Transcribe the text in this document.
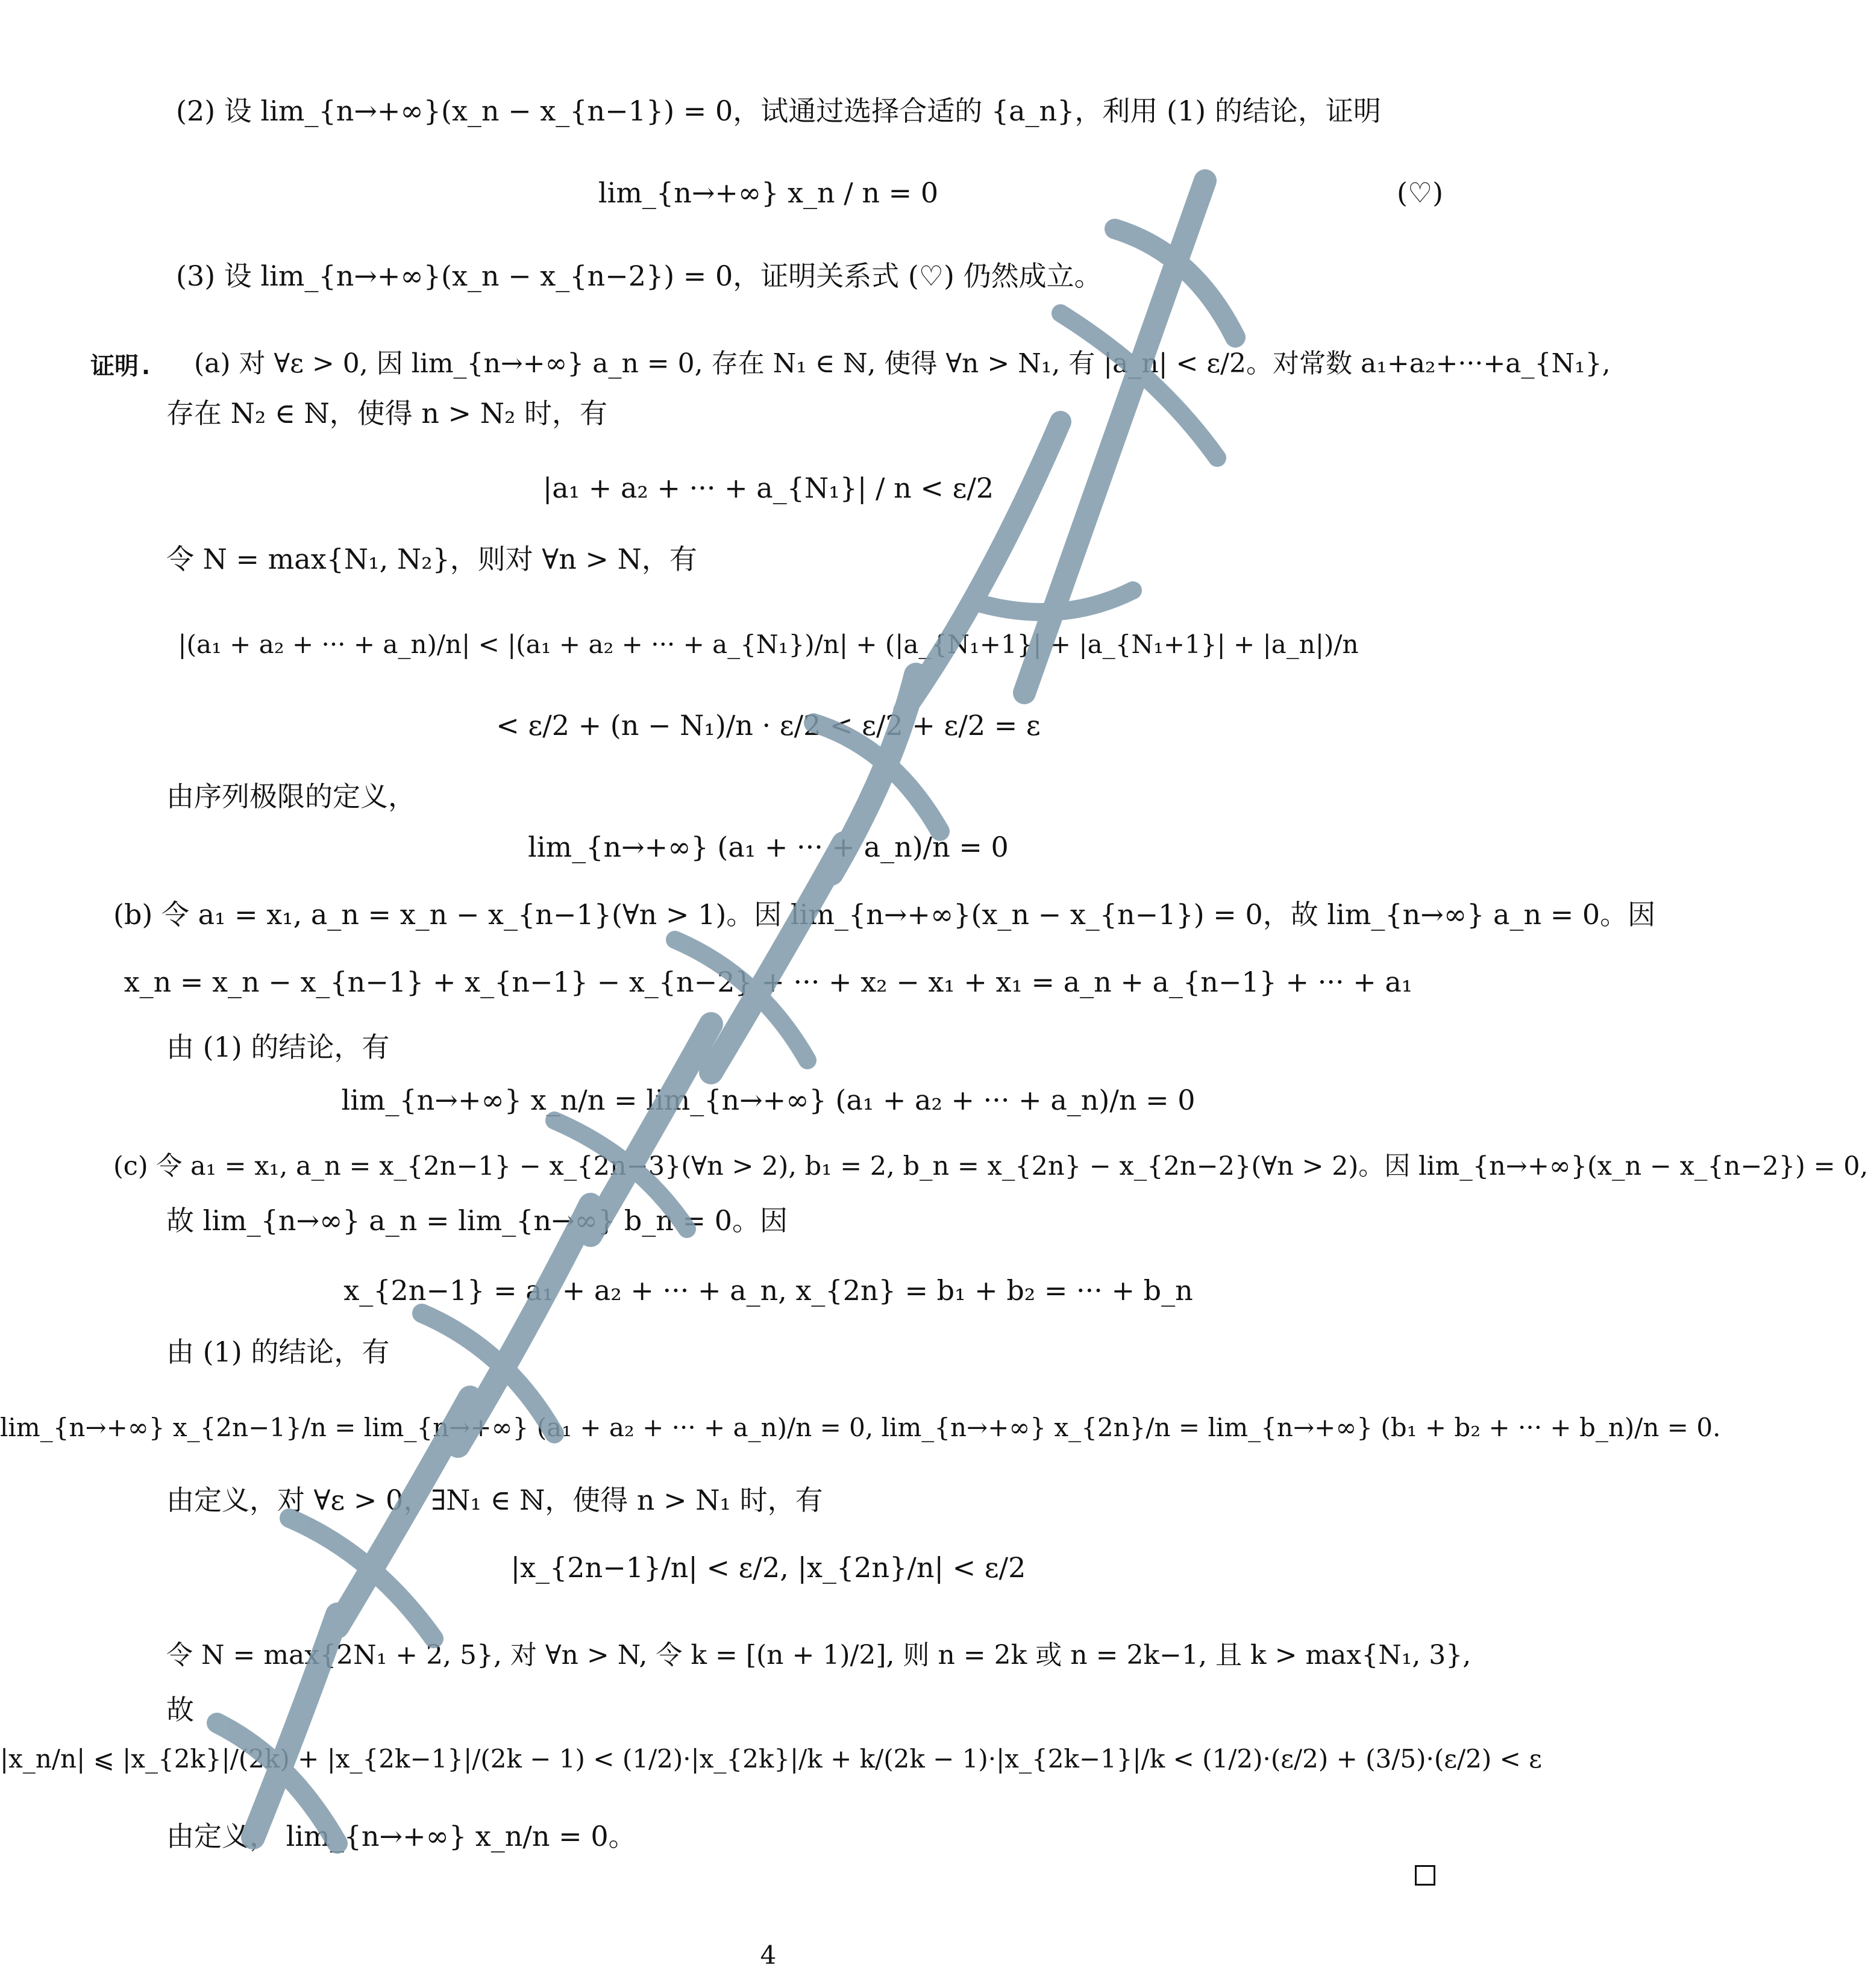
(2) 设 lim_{n→+∞}(x_n − x_{n−1}) = 0，试通过选择合适的 {a_n}，利用 (1) 的结论，证明
lim_{n→+∞} x_n / n = 0	(♡)
(3) 设 lim_{n→+∞}(x_n − x_{n−2}) = 0，证明关系式 (♡) 仍然成立。
证明. (a) 对 ∀ε > 0, 因 lim_{n→+∞} a_n = 0, 存在 N₁ ∈ ℕ, 使得 ∀n > N₁, 有 |a_n| < ε/2。对常数 a₁+a₂+···+a_{N₁},
存在 N₂ ∈ ℕ，使得 n > N₂ 时，有
|a₁ + a₂ + ··· + a_{N₁}| / n < ε/2
令 N = max{N₁, N₂}，则对 ∀n > N，有
|(a₁ + a₂ + ··· + a_n)/n| < |(a₁ + a₂ + ··· + a_{N₁})/n| + (|a_{N₁+1}| + |a_{N₁+1}| + |a_n|)/n
< ε/2 + (n − N₁)/n · ε/2 < ε/2 + ε/2 = ε
由序列极限的定义，
lim_{n→+∞} (a₁ + ··· + a_n)/n = 0
(b) 令 a₁ = x₁, a_n = x_n − x_{n−1}(∀n > 1)。因 lim_{n→+∞}(x_n − x_{n−1}) = 0，故 lim_{n→∞} a_n = 0。因
x_n = x_n − x_{n−1} + x_{n−1} − x_{n−2} + ··· + x₂ − x₁ + x₁ = a_n + a_{n−1} + ··· + a₁
由 (1) 的结论，有
lim_{n→+∞} x_n/n = lim_{n→+∞} (a₁ + a₂ + ··· + a_n)/n = 0
(c) 令 a₁ = x₁, a_n = x_{2n−1} − x_{2n−3}(∀n > 2), b₁ = 2, b_n = x_{2n} − x_{2n−2}(∀n > 2)。因 lim_{n→+∞}(x_n − x_{n−2}) = 0,
故 lim_{n→∞} a_n = lim_{n→∞} b_n = 0。因
x_{2n−1} = a₁ + a₂ + ··· + a_n, x_{2n} = b₁ + b₂ = ··· + b_n
由 (1) 的结论，有
lim_{n→+∞} x_{2n−1}/n = lim_{n→+∞} (a₁ + a₂ + ··· + a_n)/n = 0, lim_{n→+∞} x_{2n}/n = lim_{n→+∞} (b₁ + b₂ + ··· + b_n)/n = 0.
由定义，对 ∀ε > 0，∃N₁ ∈ ℕ，使得 n > N₁ 时，有
|x_{2n−1}/n| < ε/2, |x_{2n}/n| < ε/2
令 N = max{2N₁ + 2, 5}, 对 ∀n > N, 令 k = [(n + 1)/2], 则 n = 2k 或 n = 2k−1, 且 k > max{N₁, 3},
故
|x_n/n| ⩽ |x_{2k}|/(2k) + |x_{2k−1}|/(2k − 1) < (1/2)·|x_{2k}|/k + k/(2k − 1)·|x_{2k−1}|/k < (1/2)·(ε/2) + (3/5)·(ε/2) < ε
由定义， lim_{n→+∞} x_n/n = 0。
4
